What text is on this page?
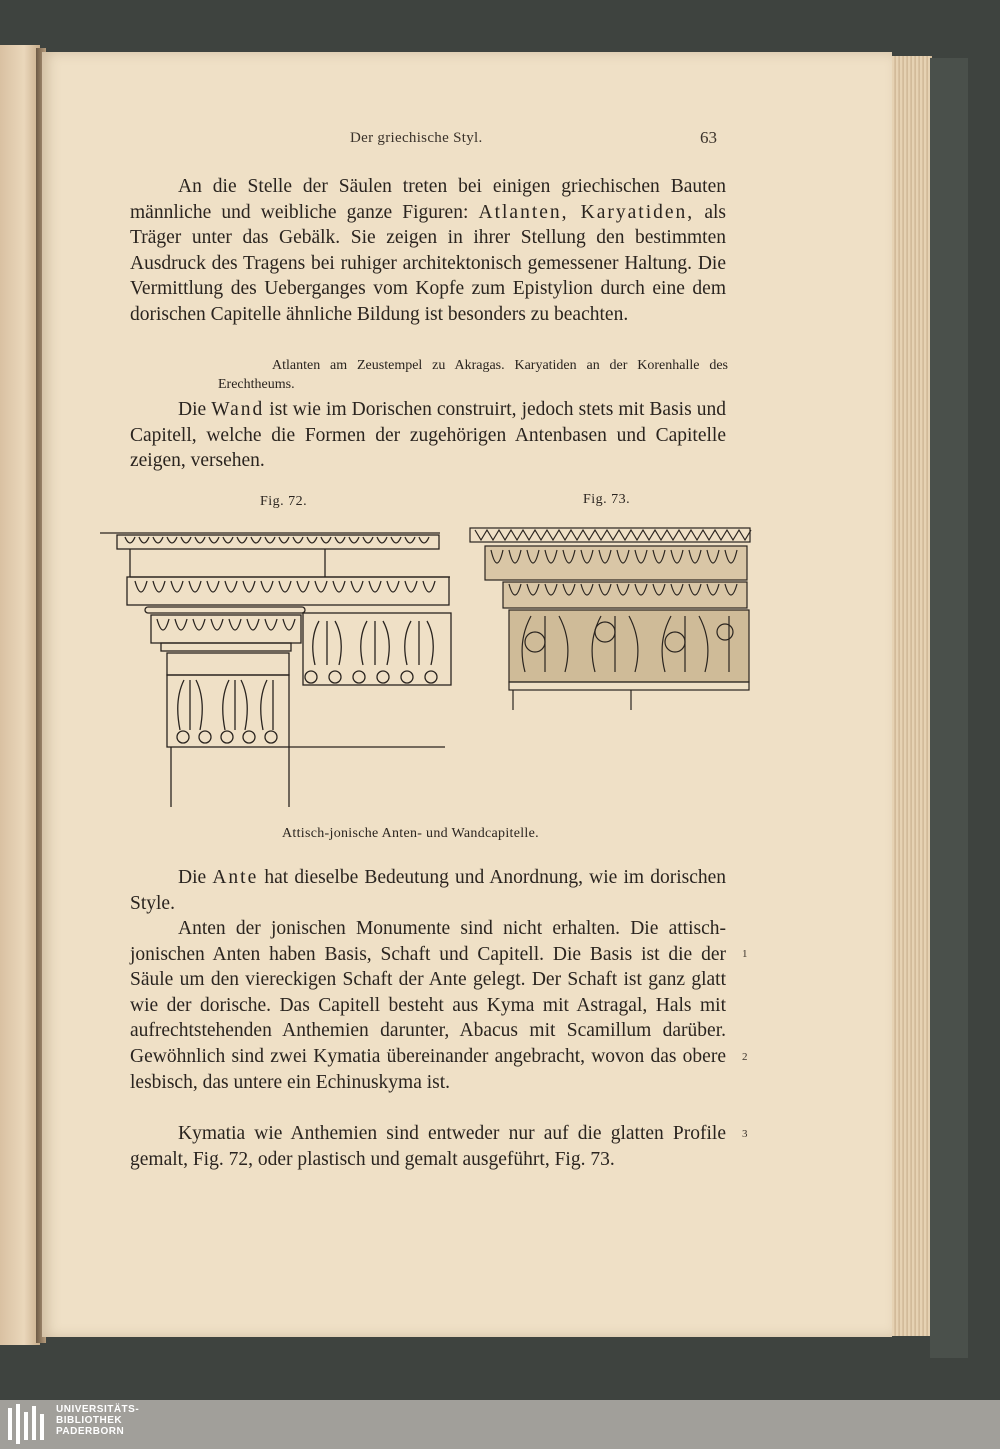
Der griechische Styl.	63

An die Stelle der Säulen treten bei einigen griechischen Bauten männliche und weibliche ganze Figuren: Atlanten, Karyatiden, als Träger unter das Gebälk. Sie zeigen in ihrer Stellung den bestimmten Ausdruck des Tragens bei ruhiger architektonisch gemessener Haltung. Die Vermittlung des Ueberganges vom Kopfe zum Epistylion durch eine dem dorischen Capitelle ähnliche Bildung ist besonders zu beachten.

Atlanten am Zeustempel zu Akragas. Karyatiden an der Korenhalle des Erechtheums.

Die Wand ist wie im Dorischen construirt, jedoch stets mit Basis und Capitell, welche die Formen der zugehörigen Antenbasen und Capitelle zeigen, versehen.

Fig. 72.	Fig. 73.
Attisch-jonische Anten- und Wandcapitelle.

Die Ante hat dieselbe Bedeutung und Anordnung, wie im dorischen Style.

Anten der jonischen Monumente sind nicht erhalten. Die attisch-jonischen Anten haben Basis, Schaft und Capitell. Die Basis ist die der Säule um den viereckigen Schaft der Ante gelegt. Der Schaft ist ganz glatt wie der dorische. Das Capitell besteht aus Kyma mit Astragal, Hals mit aufrechtstehenden Anthemien darunter, Abacus mit Scamillum darüber. Gewöhnlich sind zwei Kymatia übereinander angebracht, wovon das obere lesbisch, das untere ein Echinuskyma ist.

Kymatia wie Anthemien sind entweder nur auf die glatten Profile gemalt, Fig. 72, oder plastisch und gemalt ausgeführt, Fig. 73.

1
2
3
UNIVERSITÄTS-
BIBLIOTHEK
PADERBORN
